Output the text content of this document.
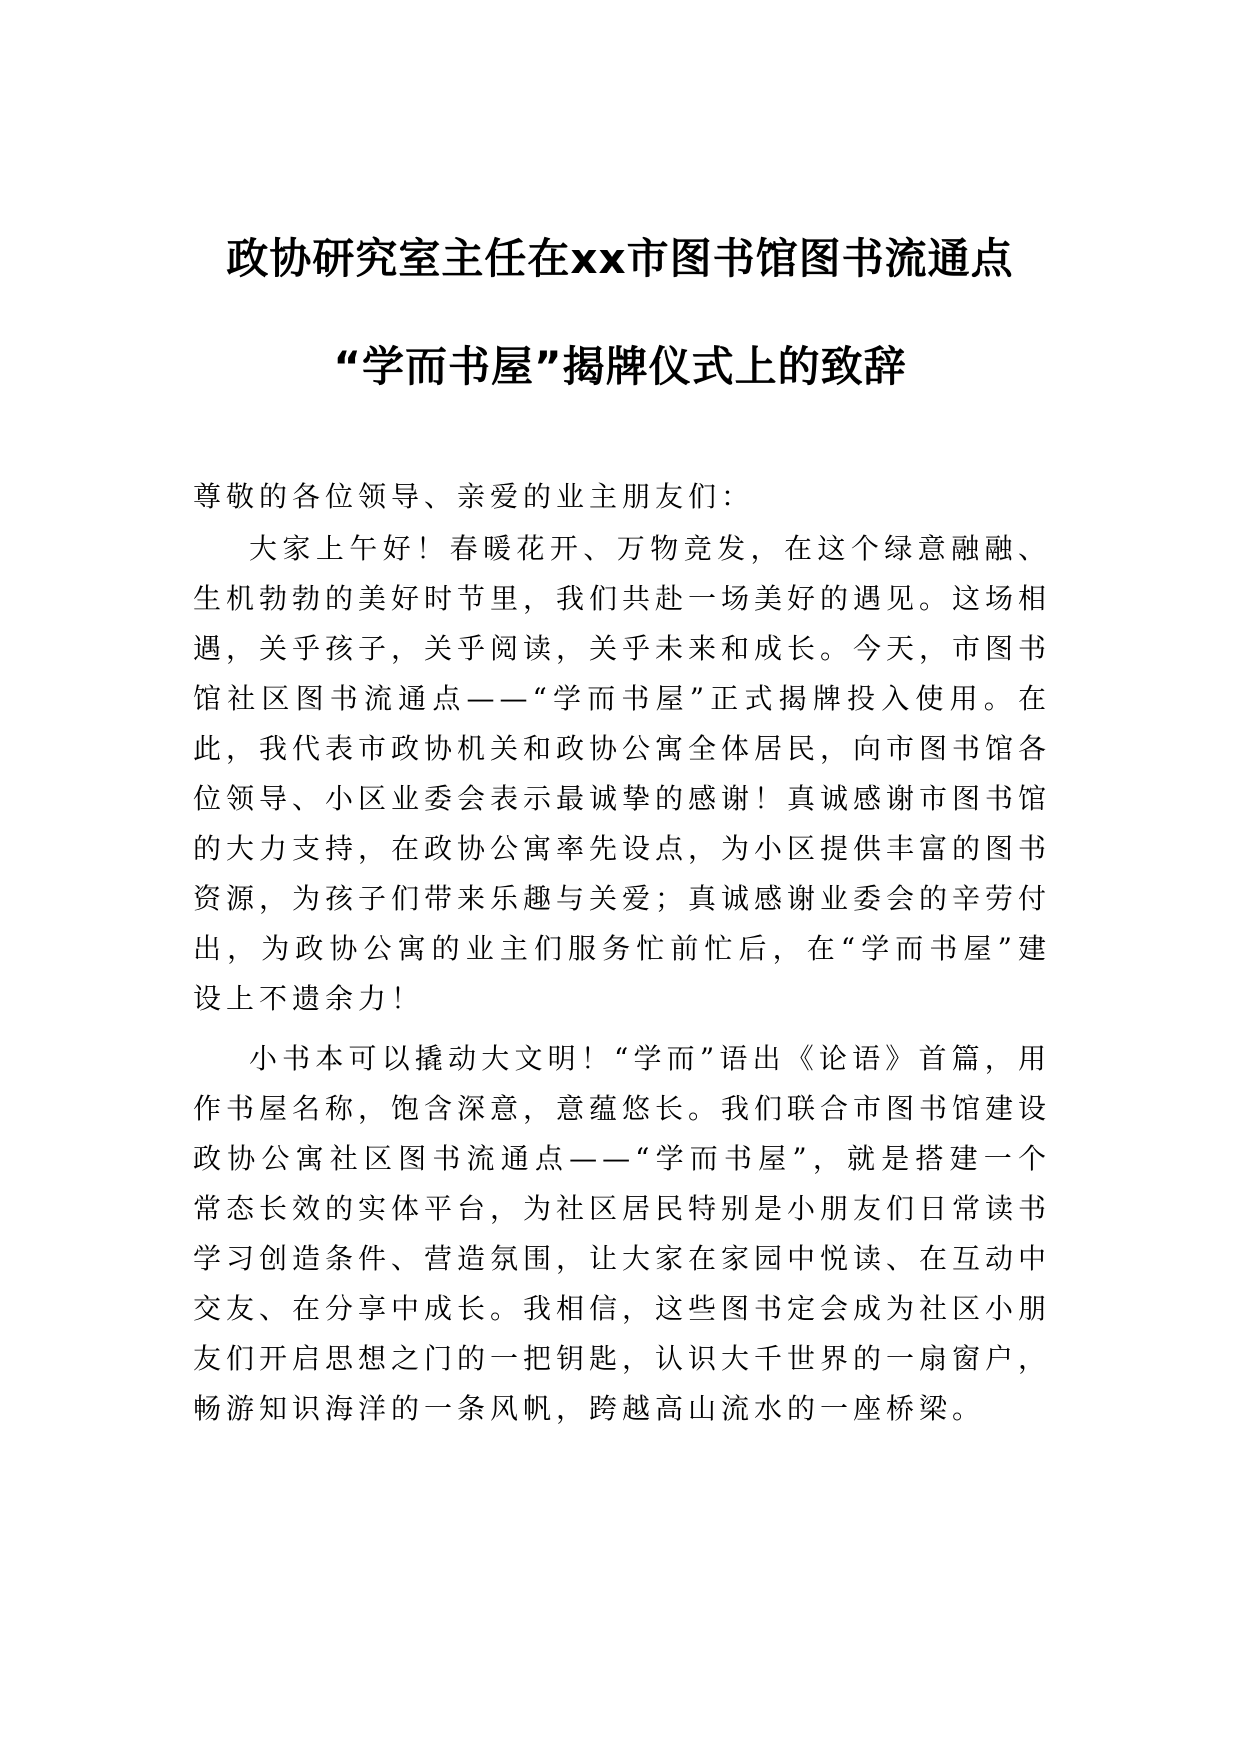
政协研究室主任在xx市图书馆图书流通点
“学而书屋”揭牌仪式上的致辞

尊敬的各位领导、亲爱的业主朋友们：

大家上午好！春暖花开、万物竞发，在这个绿意融融、生机勃勃的美好时节里，我们共赴一场美好的遇见。这场相遇，关乎孩子，关乎阅读，关乎未来和成长。今天，市图书馆社区图书流通点——“学而书屋”正式揭牌投入使用。在此，我代表市政协机关和政协公寓全体居民，向市图书馆各位领导、小区业委会表示最诚挚的感谢！真诚感谢市图书馆的大力支持，在政协公寓率先设点，为小区提供丰富的图书资源，为孩子们带来乐趣与关爱；真诚感谢业委会的辛劳付出，为政协公寓的业主们服务忙前忙后，在“学而书屋”建设上不遗余力！

小书本可以撬动大文明！“学而”语出《论语》首篇，用作书屋名称，饱含深意，意蕴悠长。我们联合市图书馆建设政协公寓社区图书流通点——“学而书屋”，就是搭建一个常态长效的实体平台，为社区居民特别是小朋友们日常读书学习创造条件、营造氛围，让大家在家园中悦读、在互动中交友、在分享中成长。我相信，这些图书定会成为社区小朋友们开启思想之门的一把钥匙，认识大千世界的一扇窗户，畅游知识海洋的一条风帆，跨越高山流水的一座桥梁。
